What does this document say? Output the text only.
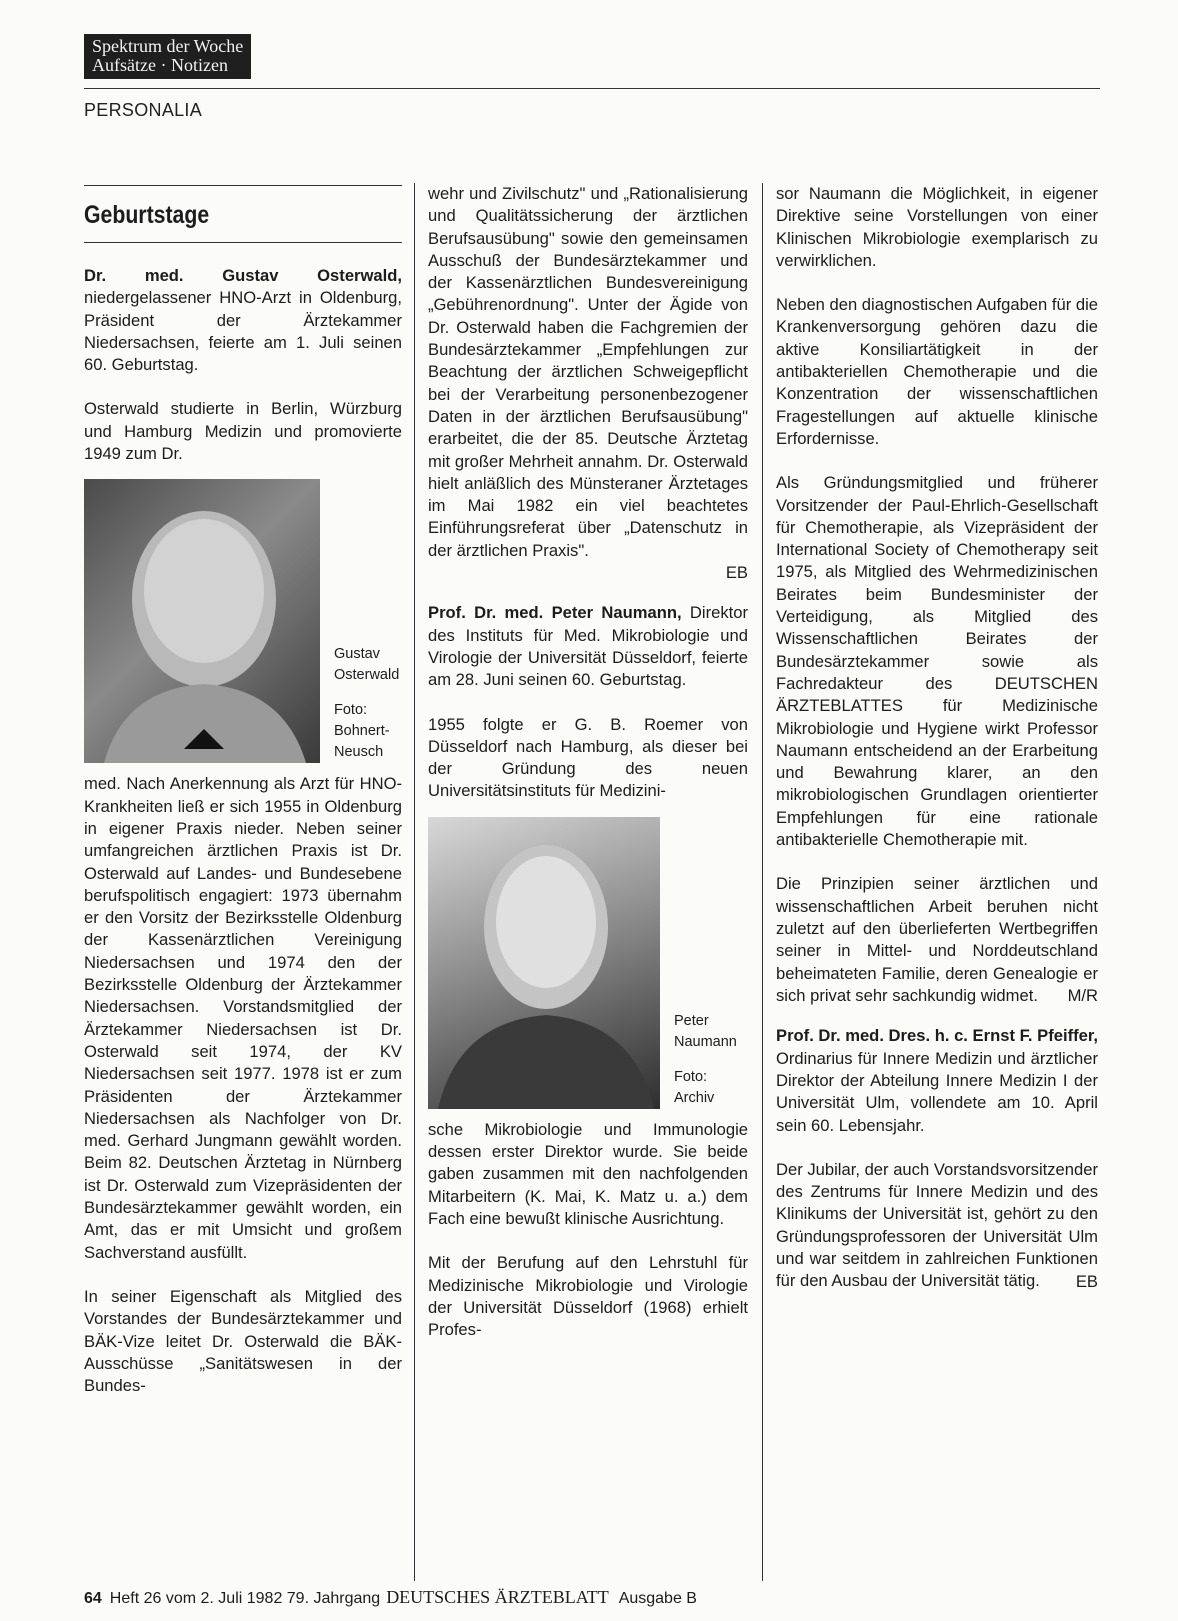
Spektrum der Woche
Aufsätze · Notizen
PERSONALIA
Geburtstage

Dr. med. Gustav Osterwald, niedergelassener HNO-Arzt in Oldenburg, Präsident der Ärztekammer Niedersachsen, feierte am 1. Juli seinen 60. Geburtstag.

Osterwald studierte in Berlin, Würzburg und Hamburg Medizin und promovierte 1949 zum Dr.

Gustav
Osterwald
Foto:
Bohnert-
Neusch

med. Nach Anerkennung als Arzt für HNO-Krankheiten ließ er sich 1955 in Oldenburg in eigener Praxis nieder. Neben seiner umfangreichen ärztlichen Praxis ist Dr. Osterwald auf Landes- und Bundesebene berufspolitisch engagiert: 1973 übernahm er den Vorsitz der Bezirksstelle Oldenburg der Kassenärztlichen Vereinigung Niedersachsen und 1974 den der Bezirksstelle Oldenburg der Ärztekammer Niedersachsen. Vorstandsmitglied der Ärztekammer Niedersachsen ist Dr. Osterwald seit 1974, der KV Niedersachsen seit 1977. 1978 ist er zum Präsidenten der Ärztekammer Niedersachsen als Nachfolger von Dr. med. Gerhard Jungmann gewählt worden. Beim 82. Deutschen Ärztetag in Nürnberg ist Dr. Osterwald zum Vizepräsidenten der Bundesärztekammer gewählt worden, ein Amt, das er mit Umsicht und großem Sachverstand ausfüllt.

In seiner Eigenschaft als Mitglied des Vorstandes der Bundesärztekammer und BÄK-Vize leitet Dr. Osterwald die BÄK-Ausschüsse „Sanitätswesen in der Bundes-

wehr und Zivilschutz" und „Rationalisierung und Qualitätssicherung der ärztlichen Berufsausübung" sowie den gemeinsamen Ausschuß der Bundesärztekammer und der Kassenärztlichen Bundesvereinigung „Gebührenordnung". Unter der Ägide von Dr. Osterwald haben die Fachgremien der Bundesärztekammer „Empfehlungen zur Beachtung der ärztlichen Schweigepflicht bei der Verarbeitung personenbezogener Daten in der ärztlichen Berufsausübung" erarbeitet, die der 85. Deutsche Ärztetag mit großer Mehrheit annahm. Dr. Osterwald hielt anläßlich des Münsteraner Ärztetages im Mai 1982 ein viel beachtetes Einführungsreferat über „Datenschutz in der ärztlichen Praxis".
EB

Prof. Dr. med. Peter Naumann, Direktor des Instituts für Med. Mikrobiologie und Virologie der Universität Düsseldorf, feierte am 28. Juni seinen 60. Geburtstag.

1955 folgte er G. B. Roemer von Düsseldorf nach Hamburg, als dieser bei der Gründung des neuen Universitätsinstituts für Medizini-

Peter
Naumann
Foto:
Archiv

sche Mikrobiologie und Immunologie dessen erster Direktor wurde. Sie beide gaben zusammen mit den nachfolgenden Mitarbeitern (K. Mai, K. Matz u. a.) dem Fach eine bewußt klinische Ausrichtung.

Mit der Berufung auf den Lehrstuhl für Medizinische Mikrobiologie und Virologie der Universität Düsseldorf (1968) erhielt Profes-

sor Naumann die Möglichkeit, in eigener Direktive seine Vorstellungen von einer Klinischen Mikrobiologie exemplarisch zu verwirklichen.

Neben den diagnostischen Aufgaben für die Krankenversorgung gehören dazu die aktive Konsiliartätigkeit in der antibakteriellen Chemotherapie und die Konzentration der wissenschaftlichen Fragestellungen auf aktuelle klinische Erfordernisse.

Als Gründungsmitglied und früherer Vorsitzender der Paul-Ehrlich-Gesellschaft für Chemotherapie, als Vizepräsident der International Society of Chemotherapy seit 1975, als Mitglied des Wehrmedizinischen Beirates beim Bundesminister der Verteidigung, als Mitglied des Wissenschaftlichen Beirates der Bundesärztekammer sowie als Fachredakteur des DEUTSCHEN ÄRZTEBLATTES für Medizinische Mikrobiologie und Hygiene wirkt Professor Naumann entscheidend an der Erarbeitung und Bewahrung klarer, an den mikrobiologischen Grundlagen orientierter Empfehlungen für eine rationale antibakterielle Chemotherapie mit.

Die Prinzipien seiner ärztlichen und wissenschaftlichen Arbeit beruhen nicht zuletzt auf den überlieferten Wertbegriffen seiner in Mittel- und Norddeutschland beheimateten Familie, deren Genealogie er sich privat sehr sachkundig widmet.	M/R

Prof. Dr. med. Dres. h. c. Ernst F. Pfeiffer, Ordinarius für Innere Medizin und ärztlicher Direktor der Abteilung Innere Medizin I der Universität Ulm, vollendete am 10. April sein 60. Lebensjahr.

Der Jubilar, der auch Vorstandsvorsitzender des Zentrums für Innere Medizin und des Klinikums der Universität ist, gehört zu den Gründungsprofessoren der Universität Ulm und war seitdem in zahlreichen Funktionen für den Ausbau der Universität tätig.	EB

64 Heft 26 vom 2. Juli 1982 79. Jahrgang DEUTSCHES ÄRZTEBLATT Ausgabe B
